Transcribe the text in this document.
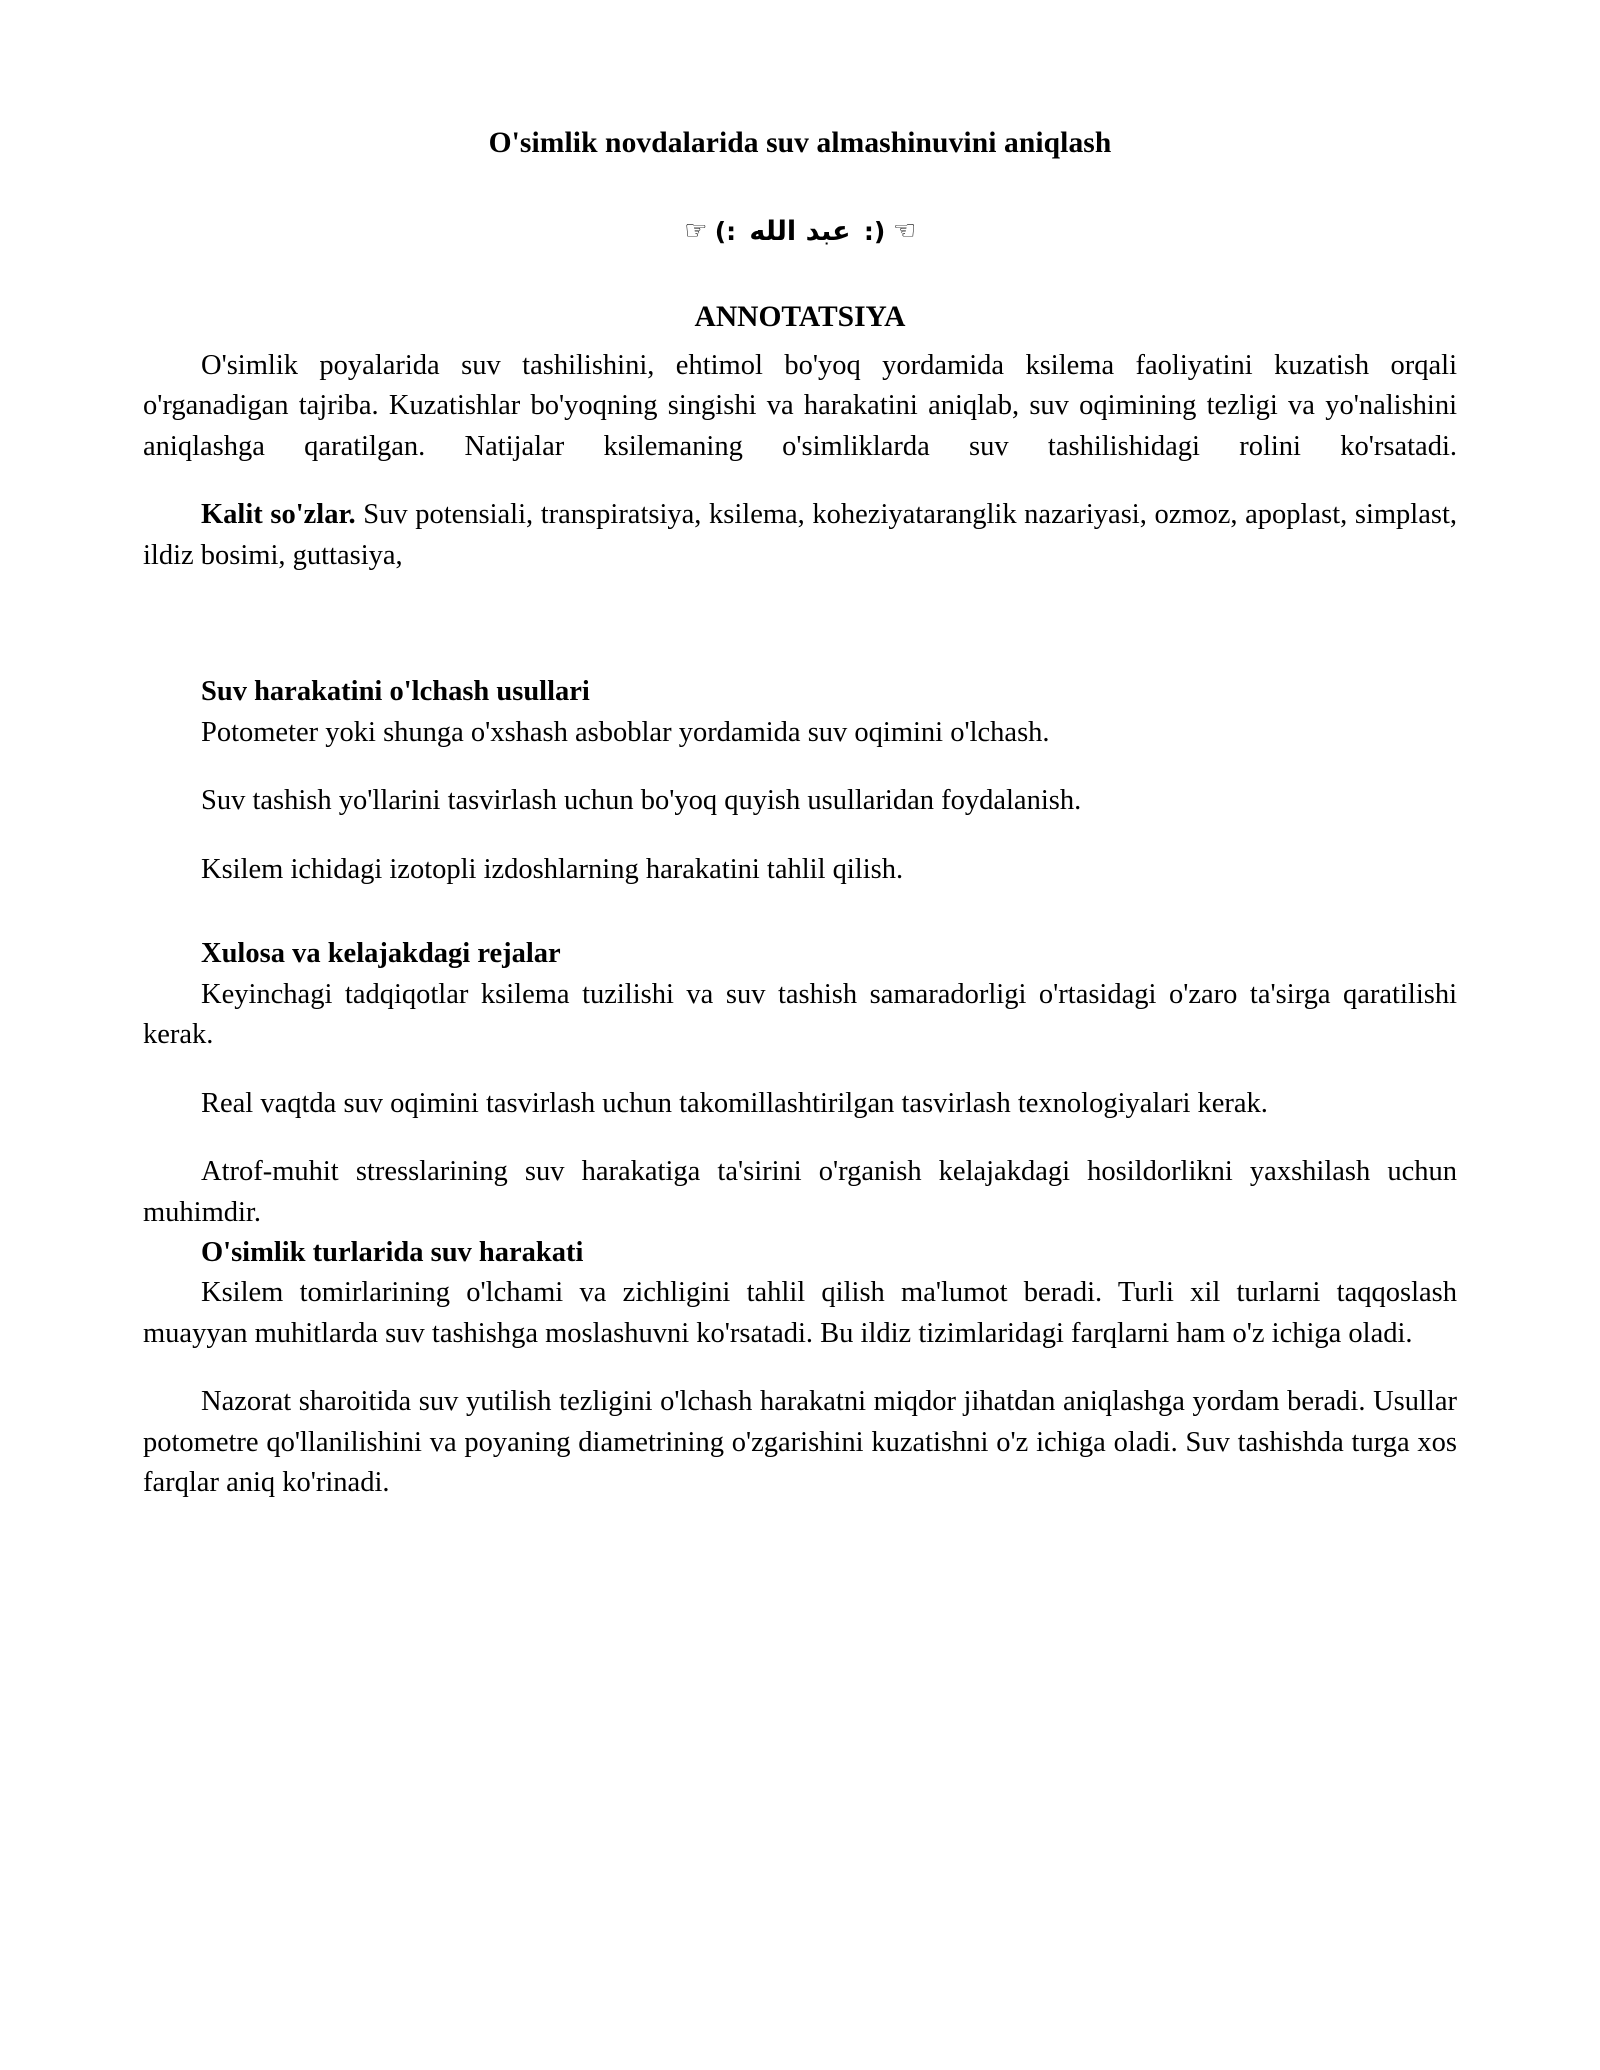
O'simlik novdalarida suv almashinuvini aniqlash
☞ (: عبد الله :) ☞
ANNOTATSIYA

O'simlik poyalarida suv tashilishini, ehtimol bo'yoq yordamida ksilema faoliyatini kuzatish orqali o'rganadigan tajriba. Kuzatishlar bo'yoqning singishi va harakatini aniqlab, suv oqimining tezligi va yo'nalishini aniqlashga qaratilgan. Natijalar ksilemaning o'simliklarda suv tashilishidagi rolini ko'rsatadi.

Kalit so'zlar. Suv potensiali, transpiratsiya, ksilema, koheziyataranglik nazariyasi, ozmoz, apoplast, simplast, ildiz bosimi, guttasiya,

Suv harakatini o'lchash usullari

Potometer yoki shunga o'xshash asboblar yordamida suv oqimini o'lchash.

Suv tashish yo'llarini tasvirlash uchun bo'yoq quyish usullaridan foydalanish.

Ksilem ichidagi izotopli izdoshlarning harakatini tahlil qilish.

Xulosa va kelajakdagi rejalar

Keyinchagi tadqiqotlar ksilema tuzilishi va suv tashish samaradorligi o'rtasidagi o'zaro ta'sirga qaratilishi kerak.

Real vaqtda suv oqimini tasvirlash uchun takomillashtirilgan tasvirlash texnologiyalari kerak.

Atrof-muhit stresslarining suv harakatiga ta'sirini o'rganish kelajakdagi hosildorlikni yaxshilash uchun muhimdir.

O'simlik turlarida suv harakati

Ksilem tomirlarining o'lchami va zichligini tahlil qilish ma'lumot beradi. Turli xil turlarni taqqoslash muayyan muhitlarda suv tashishga moslashuvni ko'rsatadi. Bu ildiz tizimlaridagi farqlarni ham o'z ichiga oladi.

Nazorat sharoitida suv yutilish tezligini o'lchash harakatni miqdor jihatdan aniqlashga yordam beradi. Usullar potometre qo'llanilishini va poyaning diametrining o'zgarishini kuzatishni o'z ichiga oladi. Suv tashishda turga xos farqlar aniq ko'rinadi.
